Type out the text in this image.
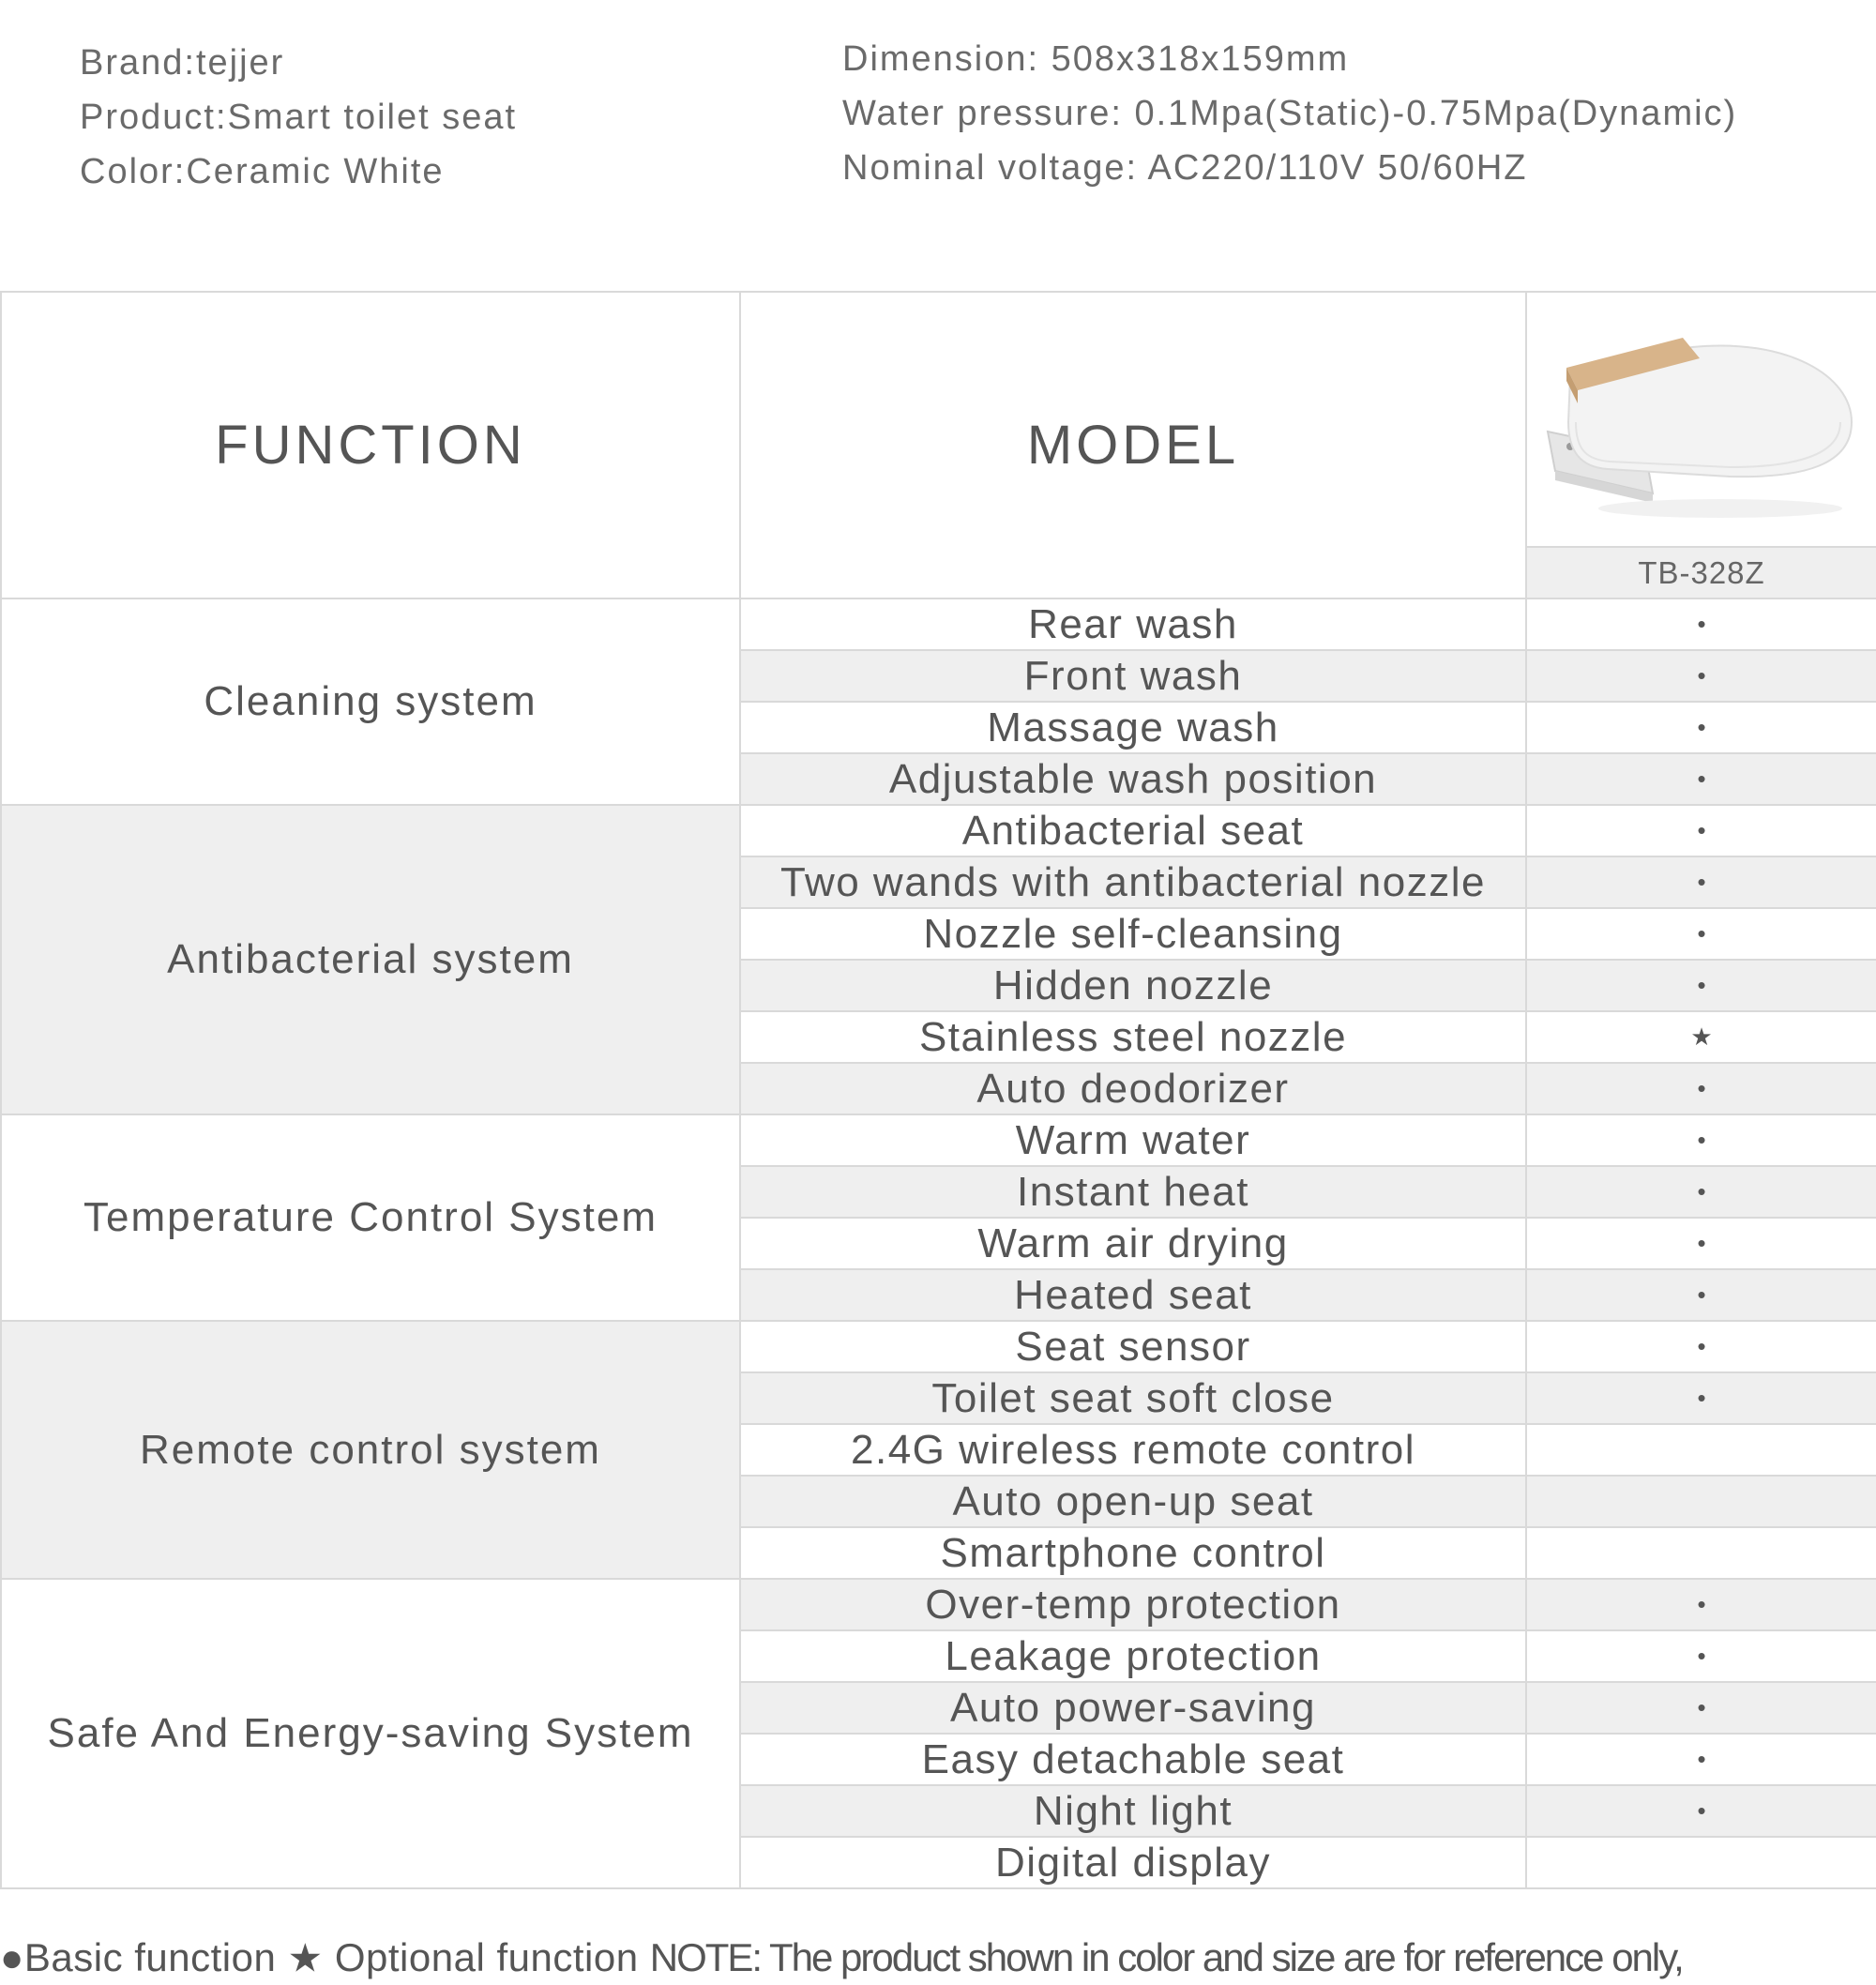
Brand:tejjer
Product:Smart toilet seat
Color:Ceramic White
Dimension: 508x318x159mm
Water pressure: 0.1Mpa(Static)-0.75Mpa(Dynamic)
Nominal voltage: AC220/110V 50/60HZ
FUNCTION	MODEL	
		TB-328Z
Cleaning system	Rear wash	•
	Front wash	•
	Massage wash	•
	Adjustable wash position	•
Antibacterial system	Antibacterial seat	•
	Two wands with antibacterial nozzle	•
	Nozzle self-cleansing	•
	Hidden nozzle	•
	Stainless steel nozzle	★
	Auto deodorizer	•
Temperature Control System	Warm water	•
	Instant heat	•
	Warm air drying	•
	Heated seat	•
Remote control system	Seat sensor	•
	Toilet seat soft close	•
	2.4G wireless remote control	
	Auto open-up seat	
	Smartphone control	
Safe And Energy-saving System	Over-temp protection	•
	Leakage protection	•
	Auto power-saving	•
	Easy detachable seat	•
	Night light	•
	Digital display	
●Basic function ★ Optional function NOTE: The product shown in color and size are for reference only,
